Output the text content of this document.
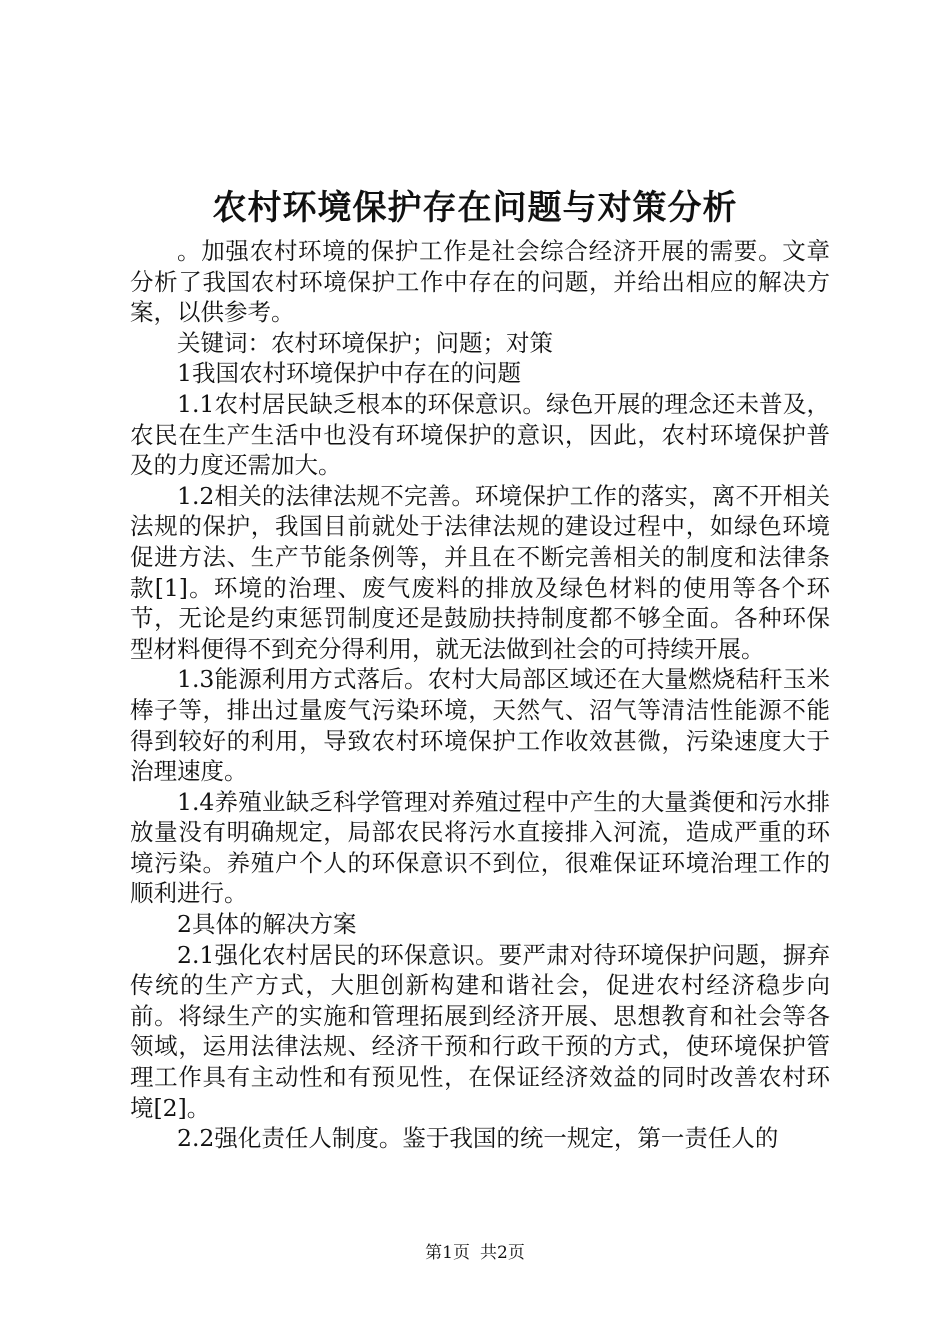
农村环境保护存在问题与对策分析

。加强农村环境的保护工作是社会综合经济开展的需要。文章分析了我国农村环境保护工作中存在的问题，并给出相应的解决方案，以供参考。

关键词：农村环境保护；问题；对策

1我国农村环境保护中存在的问题

1.1农村居民缺乏根本的环保意识。绿色开展的理念还未普及，农民在生产生活中也没有环境保护的意识，因此，农村环境保护普及的力度还需加大。

1.2相关的法律法规不完善。环境保护工作的落实，离不开相关法规的保护，我国目前就处于法律法规的建设过程中，如绿色环境促进方法、生产节能条例等，并且在不断完善相关的制度和法律条款[1]。环境的治理、废气废料的排放及绿色材料的使用等各个环节，无论是约束惩罚制度还是鼓励扶持制度都不够全面。各种环保型材料便得不到充分得利用，就无法做到社会的可持续开展。

1.3能源利用方式落后。农村大局部区域还在大量燃烧秸秆玉米棒子等，排出过量废气污染环境，天然气、沼气等清洁性能源不能得到较好的利用，导致农村环境保护工作收效甚微，污染速度大于治理速度。

1.4养殖业缺乏科学管理对养殖过程中产生的大量粪便和污水排放量没有明确规定，局部农民将污水直接排入河流，造成严重的环境污染。养殖户个人的环保意识不到位，很难保证环境治理工作的顺利进行。

2具体的解决方案

2.1强化农村居民的环保意识。要严肃对待环境保护问题，摒弃传统的生产方式，大胆创新构建和谐社会，促进农村经济稳步向前。将绿生产的实施和管理拓展到经济开展、思想教育和社会等各领域，运用法律法规、经济干预和行政干预的方式，使环境保护管理工作具有主动性和有预见性，在保证经济效益的同时改善农村环境[2]。

2.2强化责任人制度。鉴于我国的统一规定，第一责任人的

第1页 共2页
